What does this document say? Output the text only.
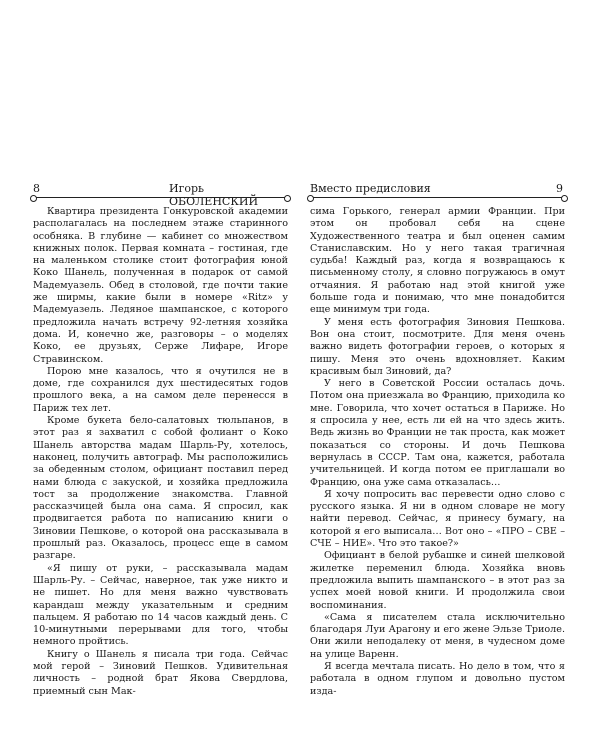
8	Игорь ОБОЛЕНСКИЙ

Квартира президента Гонкуровской академии располагалась на последнем этаже старинного особняка. В глубине — кабинет со множеством книжных полок. Первая комната – гостиная, где на маленьком столике стоит фотография юной Коко Шанель, полученная в подарок от самой Мадемуазель. Обед в столовой, где почти такие же ширмы, какие были в номере «Ritz» у Мадемуазель. Ледяное шампанское, с которого предложила начать встречу 92-летняя хозяйка дома. И, конечно же, разговоры – о моделях Коко, ее друзьях, Серже Лифаре, Игоре Стравинском.

Порою мне казалось, что я очутился не в доме, где сохранился дух шестидесятых годов прошлого века, а на самом деле перенесся в Париж тех лет.

Кроме букета бело-салатовых тюльпанов, в этот раз я захватил с собой фолиант о Коко Шанель авторства мадам Шарль-Ру, хотелось, наконец, получить автограф. Мы расположились за обеденным столом, официант поставил перед нами блюда с закуской, и хозяйка предложила тост за продолжение знакомства. Главной рассказчицей была она сама. Я спросил, как продвигается работа по написанию книги о Зиновии Пешкове, о которой она рассказывала в прошлый раз. Оказалось, процесс еще в самом разгаре.

«Я пишу от руки, – рассказывала мадам Шарль-Ру. – Сейчас, наверное, так уже никто и не пишет. Но для меня важно чувствовать карандаш между указательным и средним пальцем. Я работаю по 14 часов каждый день. С 10-минутными перерывами для того, чтобы немного пройтись.

Книгу о Шанель я писала три года. Сейчас мой герой – Зиновий Пешков. Удивительная личность – родной брат Якова Свердлова, приемный сын Мак-

Вместо предисловия	9

сима Горького, генерал армии Франции. При этом он пробовал себя на сцене Художественного театра и был оценен самим Станиславским. Но у него такая трагичная судьба! Каждый раз, когда я возвращаюсь к письменному столу, я словно погружаюсь в омут отчаяния. Я работаю над этой книгой уже больше года и понимаю, что мне понадобится еще минимум три года.

У меня есть фотография Зиновия Пешкова. Вон она стоит, посмотрите. Для меня очень важно видеть фотографии героев, о которых я пишу. Меня это очень вдохновляет. Каким красивым был Зиновий, да?

У него в Советской России осталась дочь. Потом она приезжала во Францию, приходила ко мне. Говорила, что хочет остаться в Париже. Но я спросила у нее, есть ли ей на что здесь жить. Ведь жизнь во Франции не так проста, как может показаться со стороны. И дочь Пешкова вернулась в СССР. Там она, кажется, работала учительницей. И когда потом ее приглашали во Францию, она уже сама отказалась…

Я хочу попросить вас перевести одно слово с русского языка. Я ни в одном словаре не могу найти перевод. Сейчас, я принесу бумагу, на которой я его выписала… Вот оно – «ПРО – СВЕ – СЧЕ – НИЕ». Что это такое?»

Официант в белой рубашке и синей шелковой жилетке переменил блюда. Хозяйка вновь предложила выпить шампанского – в этот раз за успех моей новой книги. И продолжила свои воспоминания.

«Сама я писателем стала исключительно благодаря Луи Арагону и его жене Эльзе Триоле. Они жили неподалеку от меня, в чудесном доме на улице Варенн.

Я всегда мечтала писать. Но дело в том, что я работала в одном глупом и довольно пустом изда-
